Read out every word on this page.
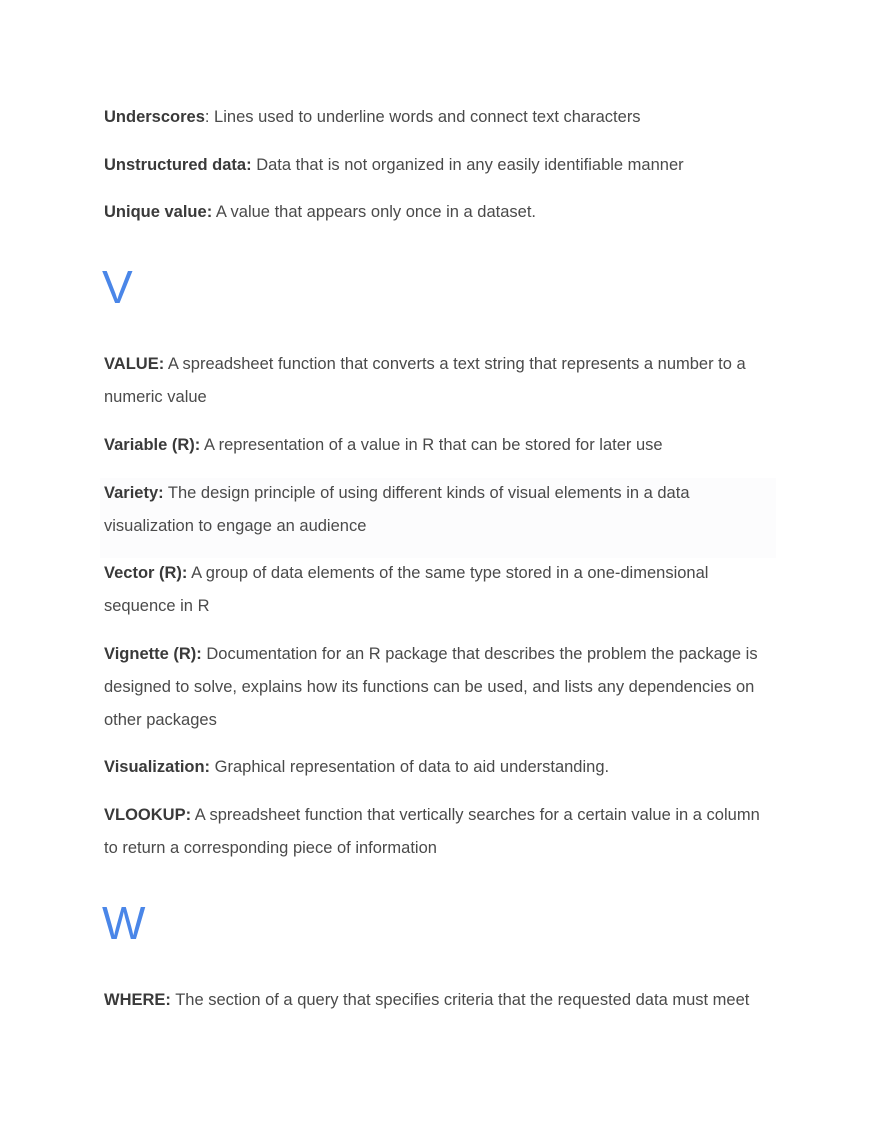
Underscores: Lines used to underline words and connect text characters

Unstructured data: Data that is not organized in any easily identifiable manner

Unique value: A value that appears only once in a dataset.

V

VALUE: A spreadsheet function that converts a text string that represents a number to a numeric value

Variable (R): A representation of a value in R that can be stored for later use

Variety: The design principle of using different kinds of visual elements in a data visualization to engage an audience

Vector (R): A group of data elements of the same type stored in a one-dimensional sequence in R

Vignette (R): Documentation for an R package that describes the problem the package is designed to solve, explains how its functions can be used, and lists any dependencies on other packages

Visualization: Graphical representation of data to aid understanding.

VLOOKUP: A spreadsheet function that vertically searches for a certain value in a column to return a corresponding piece of information

W

WHERE: The section of a query that specifies criteria that the requested data must meet
